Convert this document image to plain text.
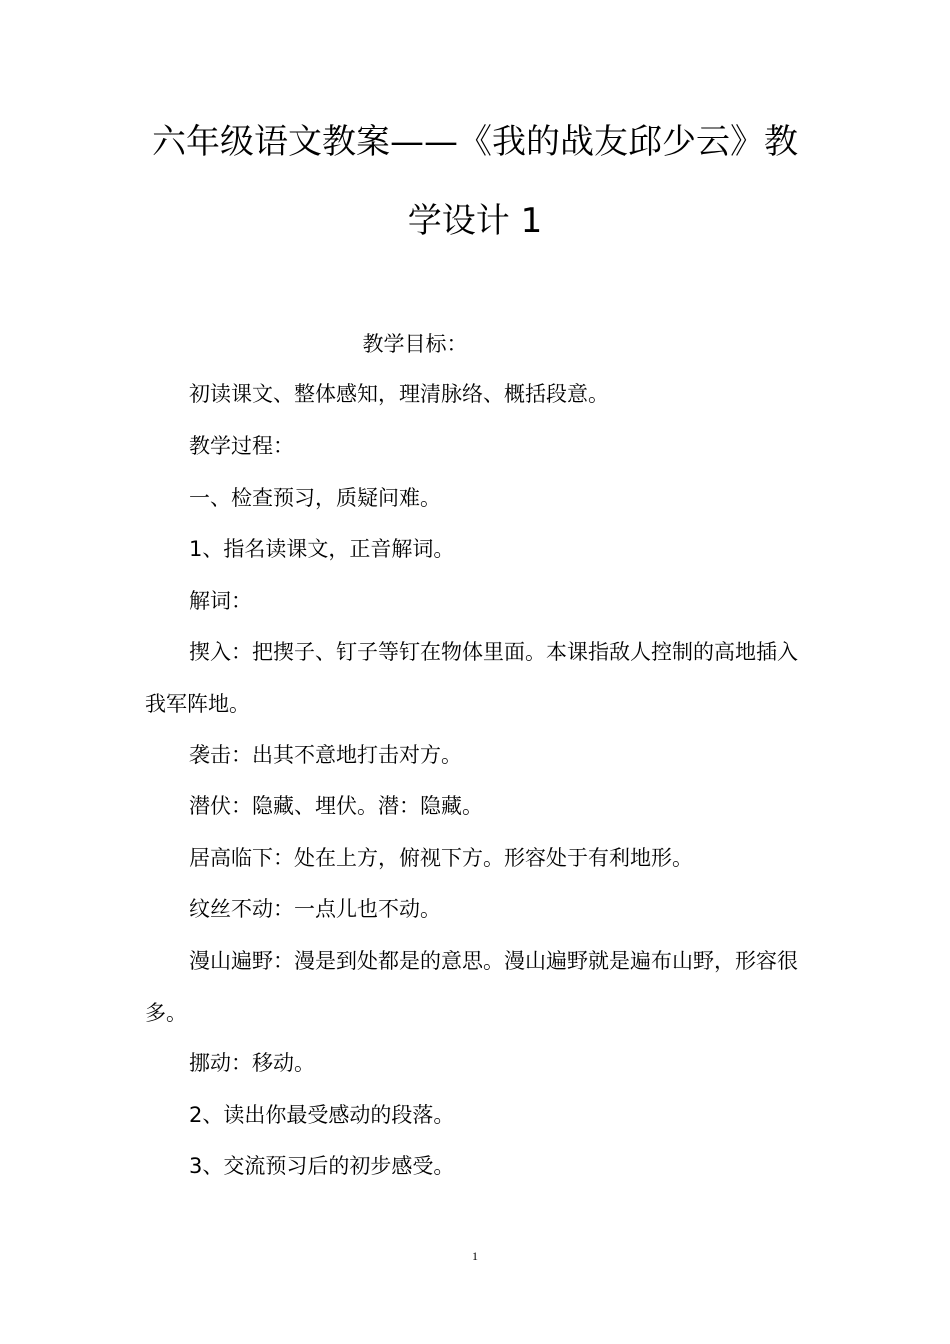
六年级语文教案——《我的战友邱少云》教
学设计 1
教学目标：
初读课文、整体感知，理清脉络、概括段意。
教学过程：
一、检查预习，质疑问难。
1、指名读课文，正音解词。
解词：
揳入：把揳子、钉子等钉在物体里面。本课指敌人控制的高地插入我军阵地。
袭击：出其不意地打击对方。
潜伏：隐藏、埋伏。潜：隐藏。
居高临下：处在上方，俯视下方。形容处于有利地形。
纹丝不动：一点儿也不动。
漫山遍野：漫是到处都是的意思。漫山遍野就是遍布山野，形容很多。
挪动：移动。
2、读出你最受感动的段落。
3、交流预习后的初步感受。
1
